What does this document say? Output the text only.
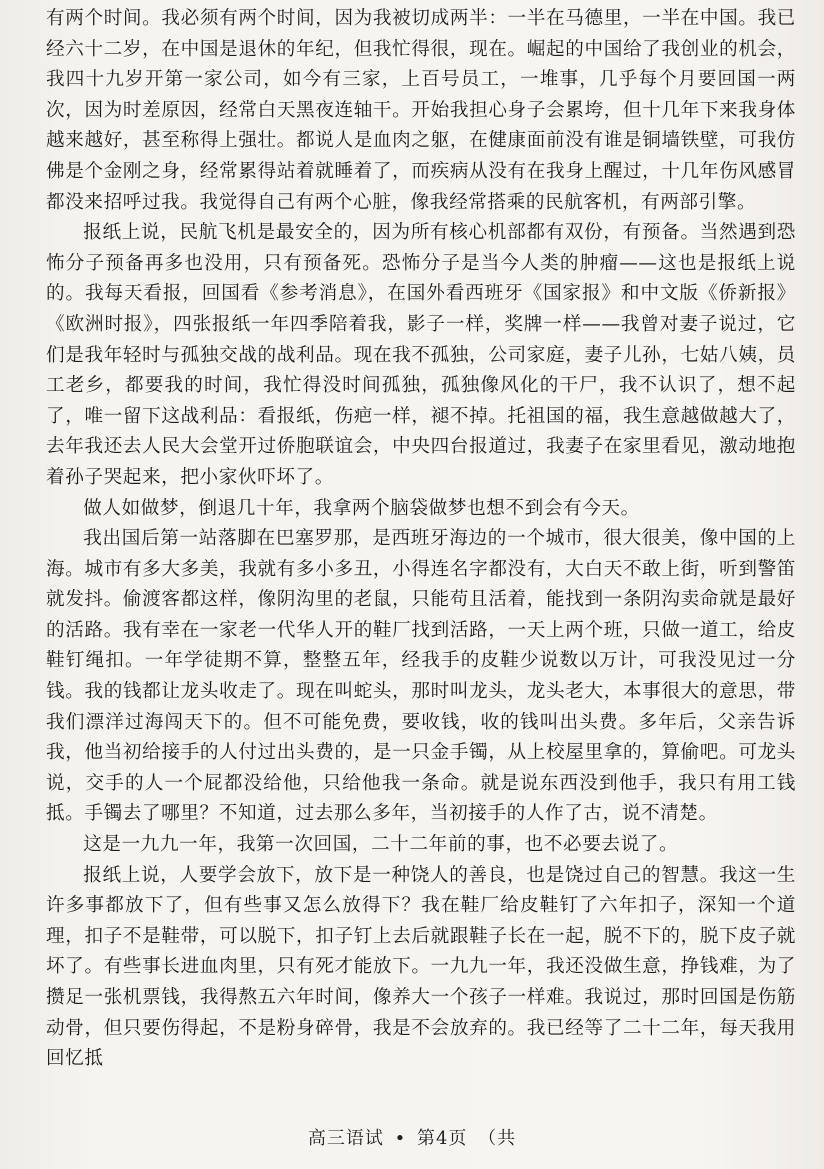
有两个时间。我必须有两个时间，因为我被切成两半：一半在马德里，一半在中国。我已经六十二岁，在中国是退休的年纪，但我忙得很，现在。崛起的中国给了我创业的机会，我四十九岁开第一家公司，如今有三家，上百号员工，一堆事，几乎每个月要回国一两次，因为时差原因，经常白天黑夜连轴干。开始我担心身子会累垮，但十几年下来我身体越来越好，甚至称得上强壮。都说人是血肉之躯，在健康面前没有谁是铜墙铁壁，可我仿佛是个金刚之身，经常累得站着就睡着了，而疾病从没有在我身上醒过，十几年伤风感冒都没来招呼过我。我觉得自己有两个心脏，像我经常搭乘的民航客机，有两部引擎。

报纸上说，民航飞机是最安全的，因为所有核心机部都有双份，有预备。当然遇到恐怖分子预备再多也没用，只有预备死。恐怖分子是当今人类的肿瘤——这也是报纸上说的。我每天看报，回国看《参考消息》，在国外看西班牙《国家报》和中文版《侨新报》《欧洲时报》，四张报纸一年四季陪着我，影子一样，奖牌一样——我曾对妻子说过，它们是我年轻时与孤独交战的战利品。现在我不孤独，公司家庭，妻子儿孙，七姑八姨，员工老乡，都要我的时间，我忙得没时间孤独，孤独像风化的干尸，我不认识了，想不起了，唯一留下这战利品：看报纸，伤疤一样，褪不掉。托祖国的福，我生意越做越大了，去年我还去人民大会堂开过侨胞联谊会，中央四台报道过，我妻子在家里看见，激动地抱着孙子哭起来，把小家伙吓坏了。

做人如做梦，倒退几十年，我拿两个脑袋做梦也想不到会有今天。

我出国后第一站落脚在巴塞罗那，是西班牙海边的一个城市，很大很美，像中国的上海。城市有多大多美，我就有多小多丑，小得连名字都没有，大白天不敢上街，听到警笛就发抖。偷渡客都这样，像阴沟里的老鼠，只能苟且活着，能找到一条阴沟卖命就是最好的活路。我有幸在一家老一代华人开的鞋厂找到活路，一天上两个班，只做一道工，给皮鞋钉绳扣。一年学徒期不算，整整五年，经我手的皮鞋少说数以万计，可我没见过一分钱。我的钱都让龙头收走了。现在叫蛇头，那时叫龙头，龙头老大，本事很大的意思，带我们漂洋过海闯天下的。但不可能免费，要收钱，收的钱叫出头费。多年后，父亲告诉我，他当初给接手的人付过出头费的，是一只金手镯，从上校屋里拿的，算偷吧。可龙头说，交手的人一个屁都没给他，只给他我一条命。就是说东西没到他手，我只有用工钱抵。手镯去了哪里？不知道，过去那么多年，当初接手的人作了古，说不清楚。

这是一九九一年，我第一次回国，二十二年前的事，也不必要去说了。

报纸上说，人要学会放下，放下是一种饶人的善良，也是饶过自己的智慧。我这一生许多事都放下了，但有些事又怎么放得下？我在鞋厂给皮鞋钉了六年扣子，深知一个道理，扣子不是鞋带，可以脱下，扣子钉上去后就跟鞋子长在一起，脱不下的，脱下皮子就坏了。有些事长进血肉里，只有死才能放下。一九九一年，我还没做生意，挣钱难，为了攒足一张机票钱，我得熬五六年时间，像养大一个孩子一样难。我说过，那时回国是伤筋动骨，但只要伤得起，不是粉身碎骨，我是不会放弃的。我已经等了二十二年，每天我用回忆抵

高三语试 • 第4页 （共
